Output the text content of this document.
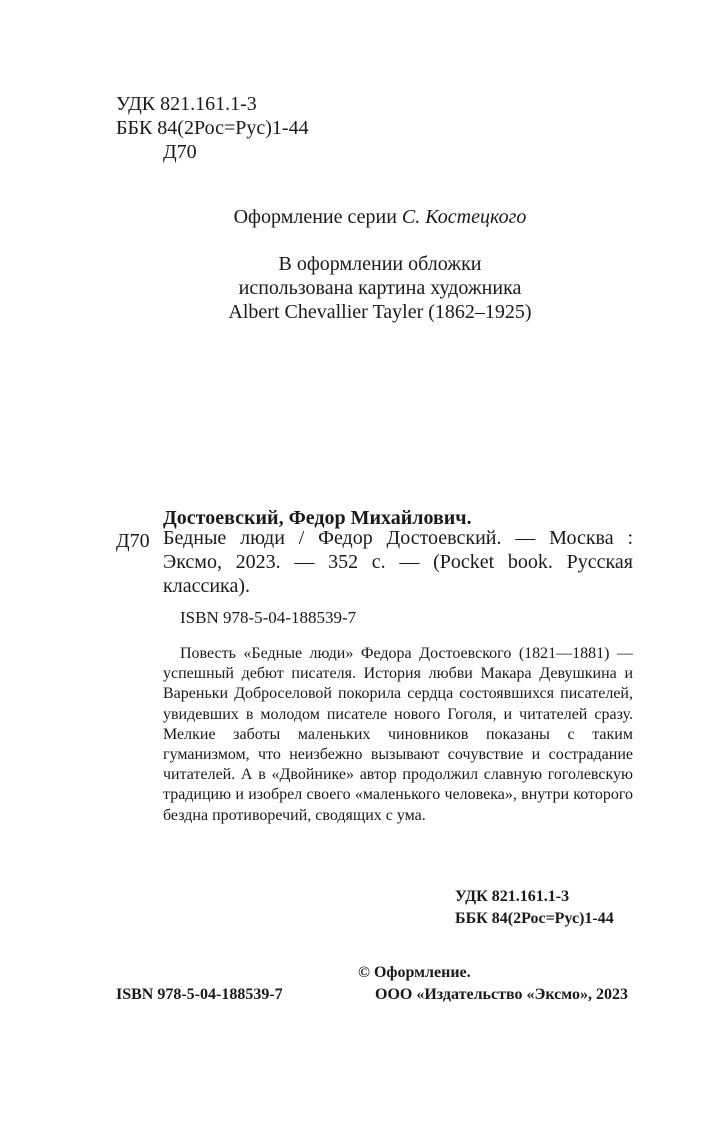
УДК 821.161.1-3
ББК 84(2Рос=Рус)1-44
Д70
Оформление серии С. Костецкого
В оформлении обложки
использована картина художника
Albert Chevallier Tayler (1862–1925)
Достоевский, Федор Михайлович.
Д70 Бедные люди / Федор Достоевский. — Москва : Эксмо, 2023. — 352 с. — (Pocket book. Русская классика).
ISBN 978-5-04-188539-7
Повесть «Бедные люди» Федора Достоевского (1821—1881) — успешный дебют писателя. История любви Макара Девушкина и Вареньки Доброселовой покорила сердца состоявшихся писателей, увидевших в молодом писателе нового Гоголя, и читателей сразу. Мелкие заботы маленьких чиновников показаны с таким гуманизмом, что неизбежно вызывают сочувствие и сострадание читателей. А в «Двойнике» автор продолжил славную гоголевскую традицию и изобрел своего «маленького человека», внутри которого бездна противоречий, сводящих с ума.
УДК 821.161.1-3
ББК 84(2Рос=Рус)1-44
© Оформление.
ISBN 978-5-04-188539-7	ООО «Издательство «Эксмо», 2023
